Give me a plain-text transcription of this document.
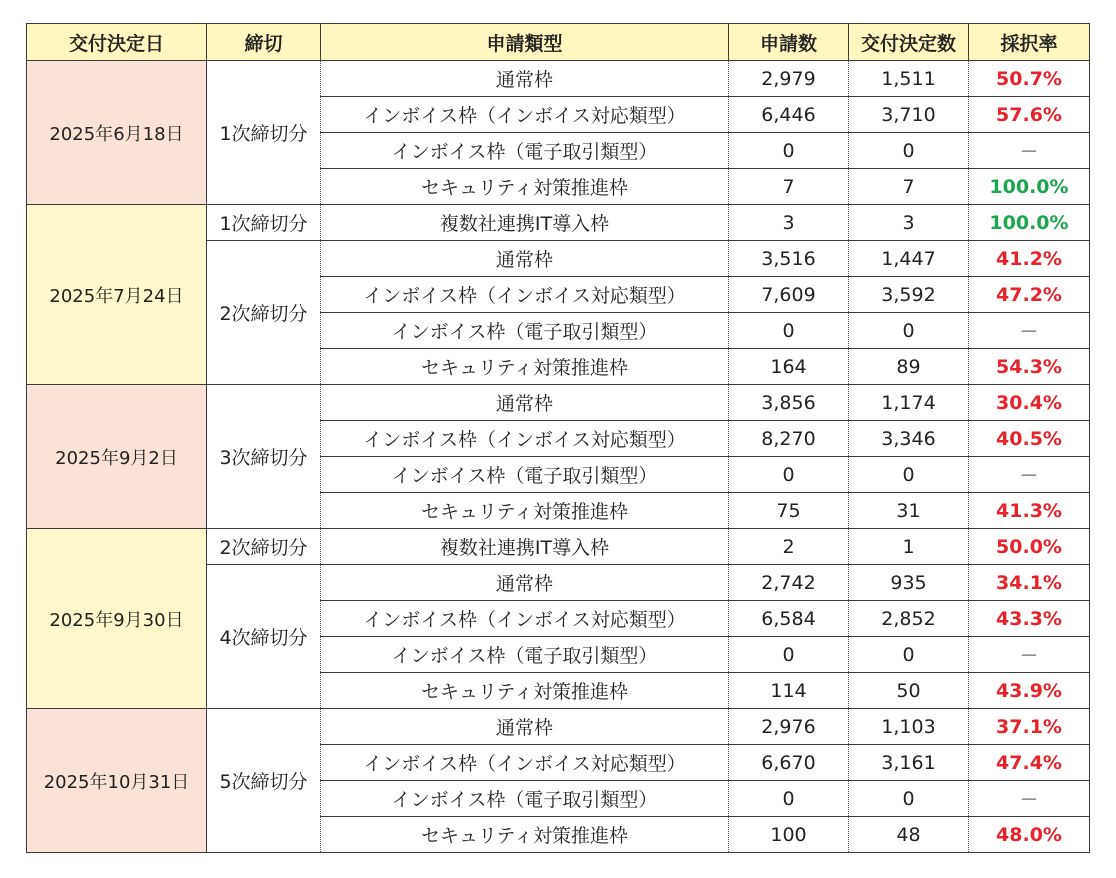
交付決定日	締切	申請類型	申請数	交付決定数	採択率
2025年6月18日	1次締切分	通常枠	2,979	1,511	50.7%
		インボイス枠（インボイス対応類型）	6,446	3,710	57.6%
		インボイス枠（電子取引類型）	0	0	－
		セキュリティ対策推進枠	7	7	100.0%
2025年7月24日	1次締切分	複数社連携IT導入枠	3	3	100.0%
	2次締切分	通常枠	3,516	1,447	41.2%
		インボイス枠（インボイス対応類型）	7,609	3,592	47.2%
		インボイス枠（電子取引類型）	0	0	－
		セキュリティ対策推進枠	164	89	54.3%
2025年9月2日	3次締切分	通常枠	3,856	1,174	30.4%
		インボイス枠（インボイス対応類型）	8,270	3,346	40.5%
		インボイス枠（電子取引類型）	0	0	－
		セキュリティ対策推進枠	75	31	41.3%
2025年9月30日	2次締切分	複数社連携IT導入枠	2	1	50.0%
	4次締切分	通常枠	2,742	935	34.1%
		インボイス枠（インボイス対応類型）	6,584	2,852	43.3%
		インボイス枠（電子取引類型）	0	0	－
		セキュリティ対策推進枠	114	50	43.9%
2025年10月31日	5次締切分	通常枠	2,976	1,103	37.1%
		インボイス枠（インボイス対応類型）	6,670	3,161	47.4%
		インボイス枠（電子取引類型）	0	0	－
		セキュリティ対策推進枠	100	48	48.0%
